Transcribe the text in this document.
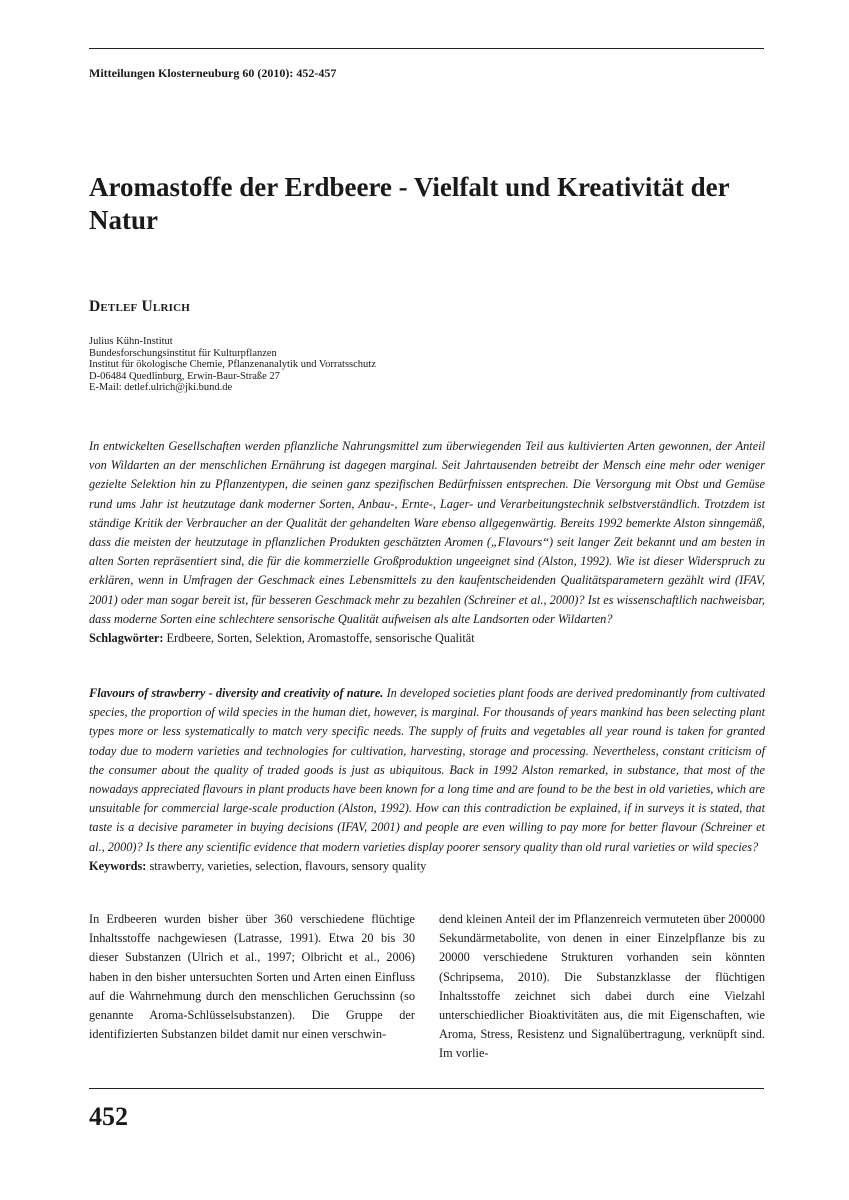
Mitteilungen Klosterneuburg 60 (2010): 452-457
Aromastoffe der Erdbeere - Vielfalt und Kreativität der Natur
Detlef Ulrich
Julius Kühn-Institut
Bundesforschungsinstitut für Kulturpflanzen
Institut für ökologische Chemie, Pflanzenanalytik und Vorratsschutz
D-06484 Quedlinburg, Erwin-Baur-Straße 27
E-Mail: detlef.ulrich@jki.bund.de
In entwickelten Gesellschaften werden pflanzliche Nahrungsmittel zum überwiegenden Teil aus kultivierten Arten gewonnen, der Anteil von Wildarten an der menschlichen Ernährung ist dagegen marginal. Seit Jahrtausenden betreibt der Mensch eine mehr oder weniger gezielte Selektion hin zu Pflanzentypen, die seinen ganz spezifischen Bedürfnissen entsprechen. Die Versorgung mit Obst und Gemüse rund ums Jahr ist heutzutage dank moderner Sorten, Anbau-, Ernte-, Lager- und Verarbeitungstechnik selbstverständlich. Trotzdem ist ständige Kritik der Verbraucher an der Qualität der gehandelten Ware ebenso allgegenwärtig. Bereits 1992 bemerkte Alston sinngemäß, dass die meisten der heutzutage in pflanzlichen Produkten geschätzten Aromen („Flavours“) seit langer Zeit bekannt und am besten in alten Sorten repräsentiert sind, die für die kommerzielle Großproduktion ungeeignet sind (Alston, 1992). Wie ist dieser Widerspruch zu erklären, wenn in Umfragen der Geschmack eines Lebensmittels zu den kaufentscheidenden Qualitätsparametern gezählt wird (IFAV, 2001) oder man sogar bereit ist, für besseren Geschmack mehr zu bezahlen (Schreiner et al., 2000)? Ist es wissenschaftlich nachweisbar, dass moderne Sorten eine schlechtere sensorische Qualität aufweisen als alte Landsorten oder Wildarten?
Schlagwörter: Erdbeere, Sorten, Selektion, Aromastoffe, sensorische Qualität
Flavours of strawberry - diversity and creativity of nature. In developed societies plant foods are derived predominantly from cultivated species, the proportion of wild species in the human diet, however, is marginal. For thousands of years mankind has been selecting plant types more or less systematically to match very specific needs. The supply of fruits and vegetables all year round is taken for granted today due to modern varieties and technologies for cultivation, harvesting, storage and processing. Nevertheless, constant criticism of the consumer about the quality of traded goods is just as ubiquitous. Back in 1992 Alston remarked, in substance, that most of the nowadays appreciated flavours in plant products have been known for a long time and are found to be the best in old varieties, which are unsuitable for commercial large-scale production (Alston, 1992). How can this contradiction be explained, if in surveys it is stated, that taste is a decisive parameter in buying decisions (IFAV, 2001) and people are even willing to pay more for better flavour (Schreiner et al., 2000)? Is there any scientific evidence that modern varieties display poorer sensory quality than old rural varieties or wild species?
Keywords: strawberry, varieties, selection, flavours, sensory quality

In Erdbeeren wurden bisher über 360 verschiedene flüchtige Inhaltsstoffe nachgewiesen (Latrasse, 1991). Etwa 20 bis 30 dieser Substanzen (Ulrich et al., 1997; Olbricht et al., 2006) haben in den bisher untersuchten Sorten und Arten einen Einfluss auf die Wahrnehmung durch den menschlichen Geruchssinn (so genannte Aroma-Schlüsselsubstanzen). Die Gruppe der identifizierten Substanzen bildet damit nur einen verschwin-

dend kleinen Anteil der im Pflanzenreich vermuteten über 200000 Sekundärmetabolite, von denen in einer Einzelpflanze bis zu 20000 verschiedene Strukturen vorhanden sein könnten (Schripsema, 2010). Die Substanzklasse der flüchtigen Inhaltsstoffe zeichnet sich dabei durch eine Vielzahl unterschiedlicher Bioaktivitäten aus, die mit Eigenschaften, wie Aroma, Stress, Resistenz und Signalübertragung, verknüpft sind. Im vorlie-

452
